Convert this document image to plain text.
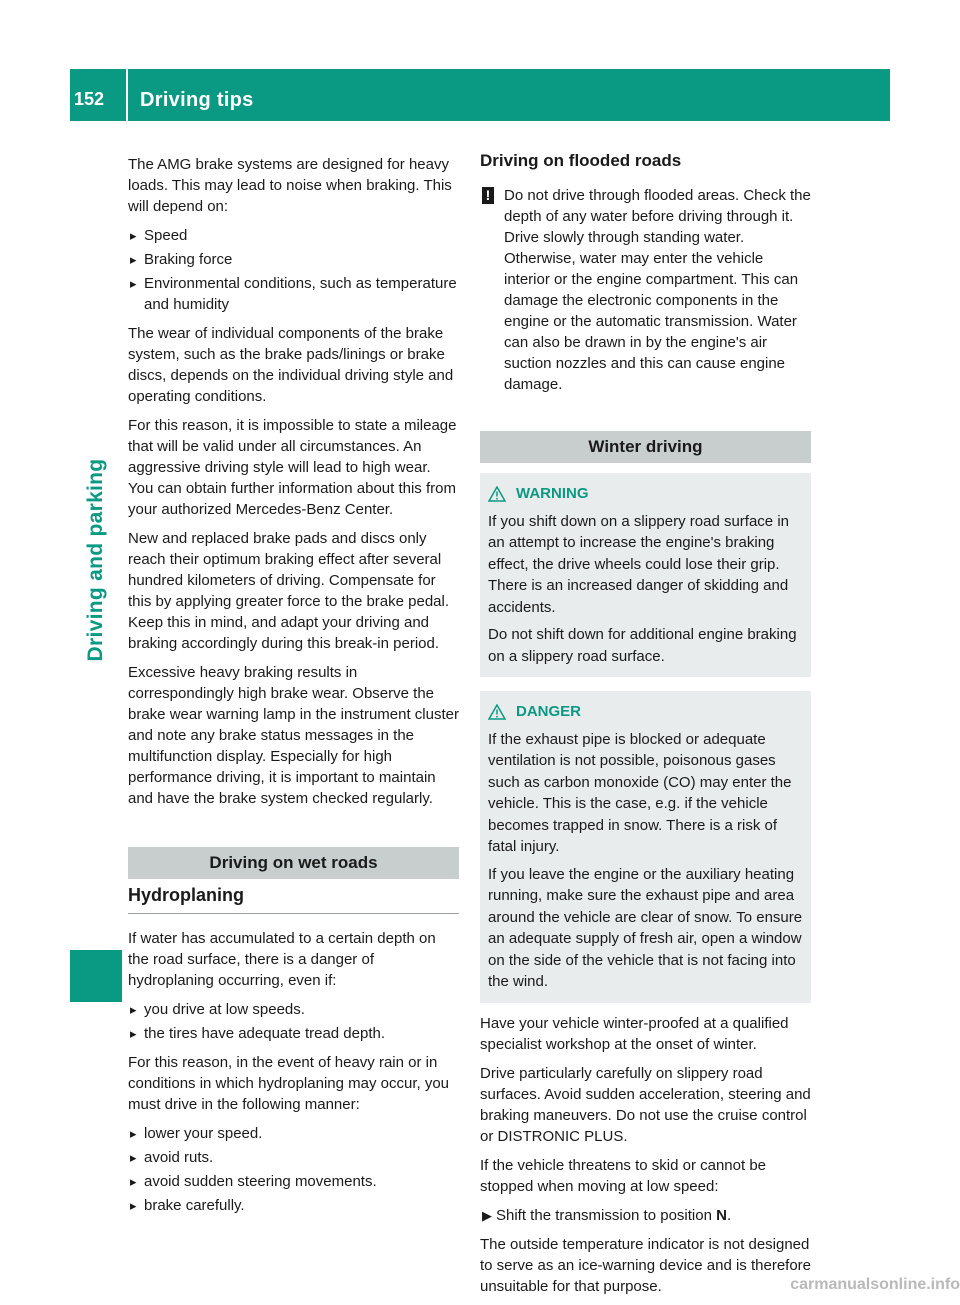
152	Driving tips
Driving and parking

The AMG brake systems are designed for heavy loads. This may lead to noise when braking. This will depend on:

▸ Speed
▸ Braking force
▸ Environmental conditions, such as temperature and humidity

The wear of individual components of the brake system, such as the brake pads/linings or brake discs, depends on the individual driving style and operating conditions.

For this reason, it is impossible to state a mileage that will be valid under all circumstances. An aggressive driving style will lead to high wear. You can obtain further information about this from your authorized Mercedes-Benz Center.

New and replaced brake pads and discs only reach their optimum braking effect after several hundred kilometers of driving. Compensate for this by applying greater force to the brake pedal. Keep this in mind, and adapt your driving and braking accordingly during this break-in period.

Excessive heavy braking results in correspondingly high brake wear. Observe the brake wear warning lamp in the instrument cluster and note any brake status messages in the multifunction display. Especially for high performance driving, it is important to maintain and have the brake system checked regularly.

Driving on wet roads
Hydroplaning

If water has accumulated to a certain depth on the road surface, there is a danger of hydroplaning occurring, even if:

▸ you drive at low speeds.
▸ the tires have adequate tread depth.

For this reason, in the event of heavy rain or in conditions in which hydroplaning may occur, you must drive in the following manner:

▸ lower your speed.
▸ avoid ruts.
▸ avoid sudden steering movements.
▸ brake carefully.
Driving on flooded roads
! Do not drive through flooded areas. Check the depth of any water before driving through it. Drive slowly through standing water. Otherwise, water may enter the vehicle interior or the engine compartment. This can damage the electronic components in the engine or the automatic transmission. Water can also be drawn in by the engine's air suction nozzles and this can cause engine damage.
Winter driving
WARNING

If you shift down on a slippery road surface in an attempt to increase the engine's braking effect, the drive wheels could lose their grip. There is an increased danger of skidding and accidents.

Do not shift down for additional engine braking on a slippery road surface.

DANGER

If the exhaust pipe is blocked or adequate ventilation is not possible, poisonous gases such as carbon monoxide (CO) may enter the vehicle. This is the case, e.g. if the vehicle becomes trapped in snow. There is a risk of fatal injury.

If you leave the engine or the auxiliary heating running, make sure the exhaust pipe and area around the vehicle are clear of snow. To ensure an adequate supply of fresh air, open a window on the side of the vehicle that is not facing into the wind.

Have your vehicle winter-proofed at a qualified specialist workshop at the onset of winter.

Drive particularly carefully on slippery road surfaces. Avoid sudden acceleration, steering and braking maneuvers. Do not use the cruise control or DISTRONIC PLUS.

If the vehicle threatens to skid or cannot be stopped when moving at low speed:

▶ Shift the transmission to position N.

The outside temperature indicator is not designed to serve as an ice-warning device and is therefore unsuitable for that purpose.	carmanualsonline.info
